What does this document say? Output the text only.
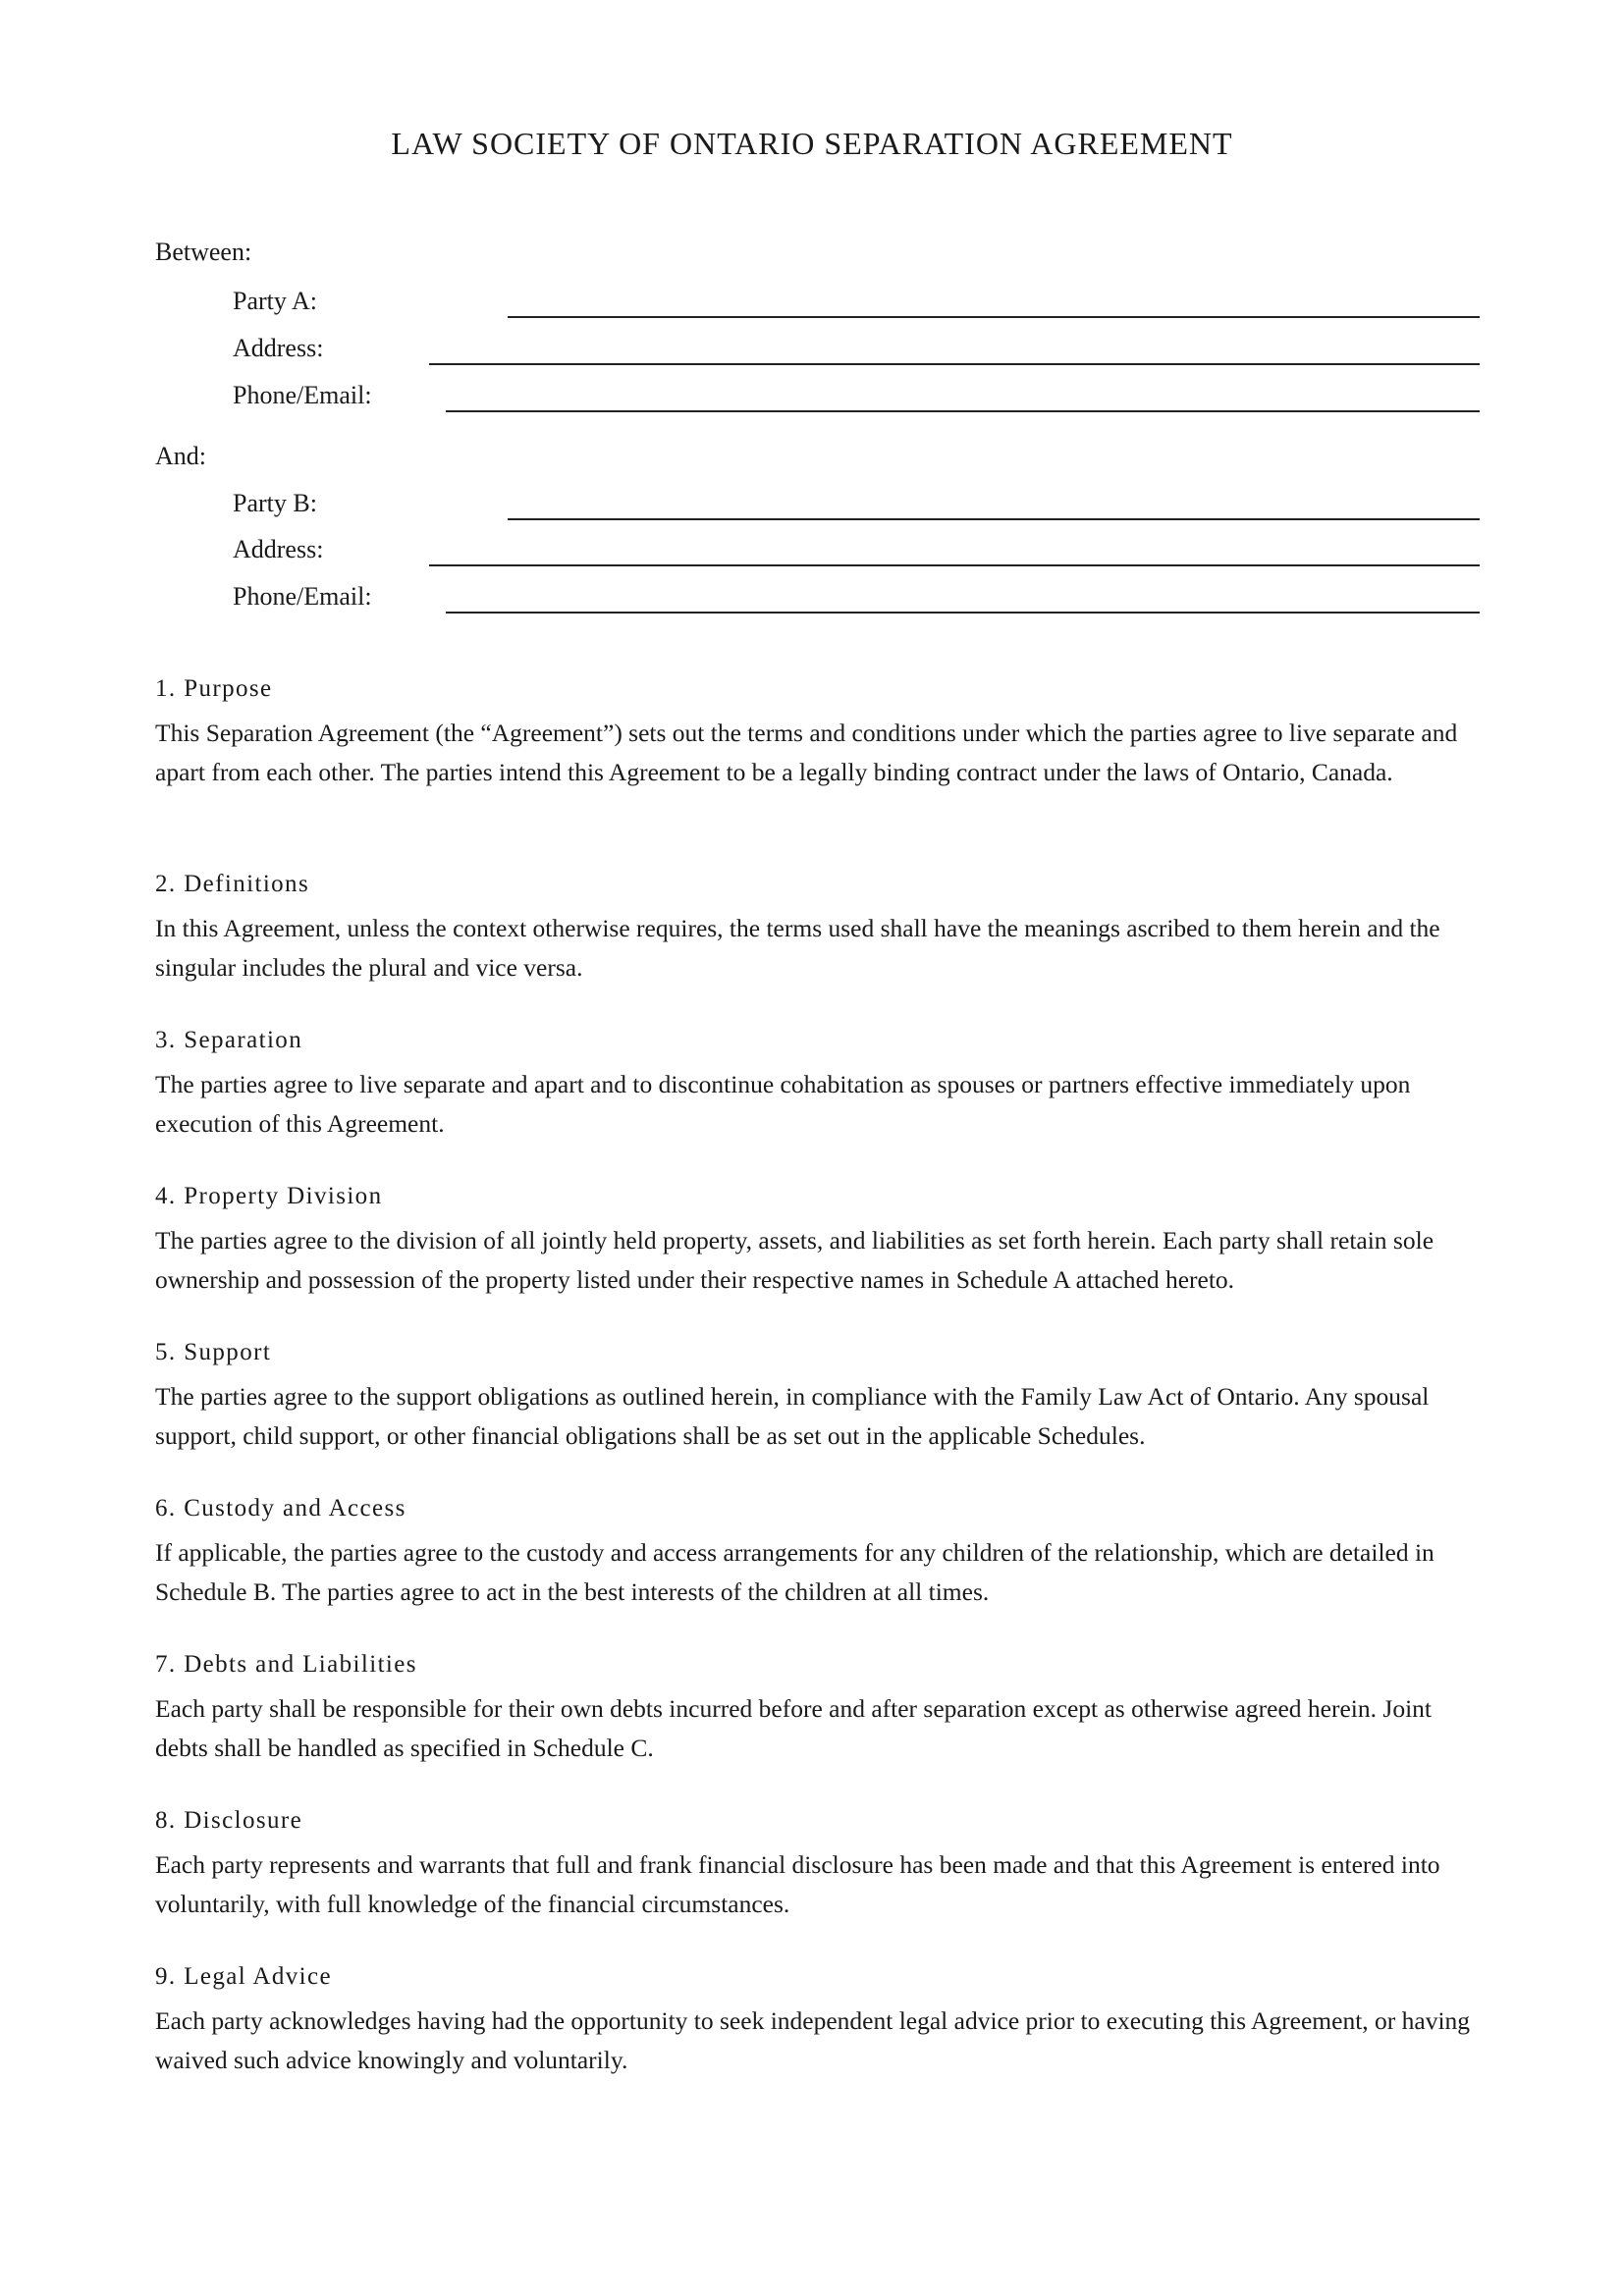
LAW SOCIETY OF ONTARIO SEPARATION AGREEMENT
Between:
Party A:
Address:
Phone/Email:
And:
Party B:
Address:
Phone/Email:
1. Purpose

This Separation Agreement (the “Agreement”) sets out the terms and conditions under which the parties agree to live separate and apart from each other. The parties intend this Agreement to be a legally binding contract under the laws of Ontario, Canada.

2. Definitions

In this Agreement, unless the context otherwise requires, the terms used shall have the meanings ascribed to them herein and the singular includes the plural and vice versa.

3. Separation

The parties agree to live separate and apart and to discontinue cohabitation as spouses or partners effective immediately upon execution of this Agreement.

4. Property Division

The parties agree to the division of all jointly held property, assets, and liabilities as set forth herein. Each party shall retain sole ownership and possession of the property listed under their respective names in Schedule A attached hereto.

5. Support

The parties agree to the support obligations as outlined herein, in compliance with the Family Law Act of Ontario. Any spousal support, child support, or other financial obligations shall be as set out in the applicable Schedules.

6. Custody and Access

If applicable, the parties agree to the custody and access arrangements for any children of the relationship, which are detailed in Schedule B. The parties agree to act in the best interests of the children at all times.

7. Debts and Liabilities

Each party shall be responsible for their own debts incurred before and after separation except as otherwise agreed herein. Joint debts shall be handled as specified in Schedule C.

8. Disclosure

Each party represents and warrants that full and frank financial disclosure has been made and that this Agreement is entered into voluntarily, with full knowledge of the financial circumstances.

9. Legal Advice

Each party acknowledges having had the opportunity to seek independent legal advice prior to executing this Agreement, or having waived such advice knowingly and voluntarily.
